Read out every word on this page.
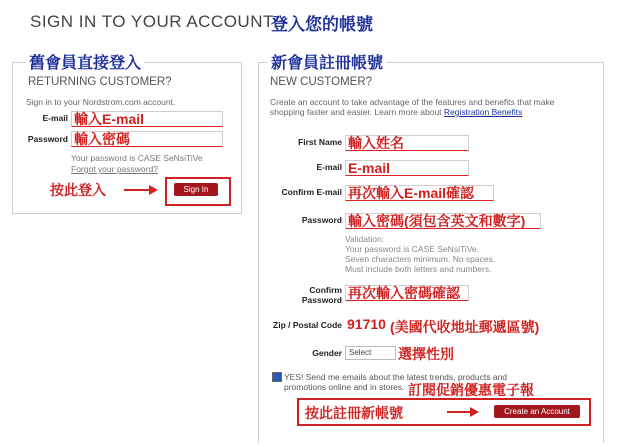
SIGN IN TO YOUR ACCOUNT
登入您的帳號
舊會員直接登入
RETURNING CUSTOMER?
Sign in to your Nordstrom.com account.
E-mail 輸入E-mail
Password 輸入密碼
Your password is CASE SeNsiTiVe
Forgot your password?
按此登入	Sign In
新會員註冊帳號
NEW CUSTOMER?
Create an account to take advantage of the features and benefits that make
shopping faster and easier. Learn more about Registration Benefits
First Name 輸入姓名
E-mail E-mail
Confirm E-mail 再次輸入E-mail確認
Password 輸入密碼(須包含英文和數字)
Validation:
Your password is CASE SeNsiTiVe.
Seven characters minimum. No spaces.
Must include both letters and numbers.
Confirm
Password 再次輸入密碼確認
Zip / Postal Code 91710 (美國代收地址郵遞區號)
Gender Select	選擇性別
YES! Send me emails about the latest trends, products and
promotions online and in stores. 訂閱促銷優惠電子報
按此註冊新帳號	Create an Account
